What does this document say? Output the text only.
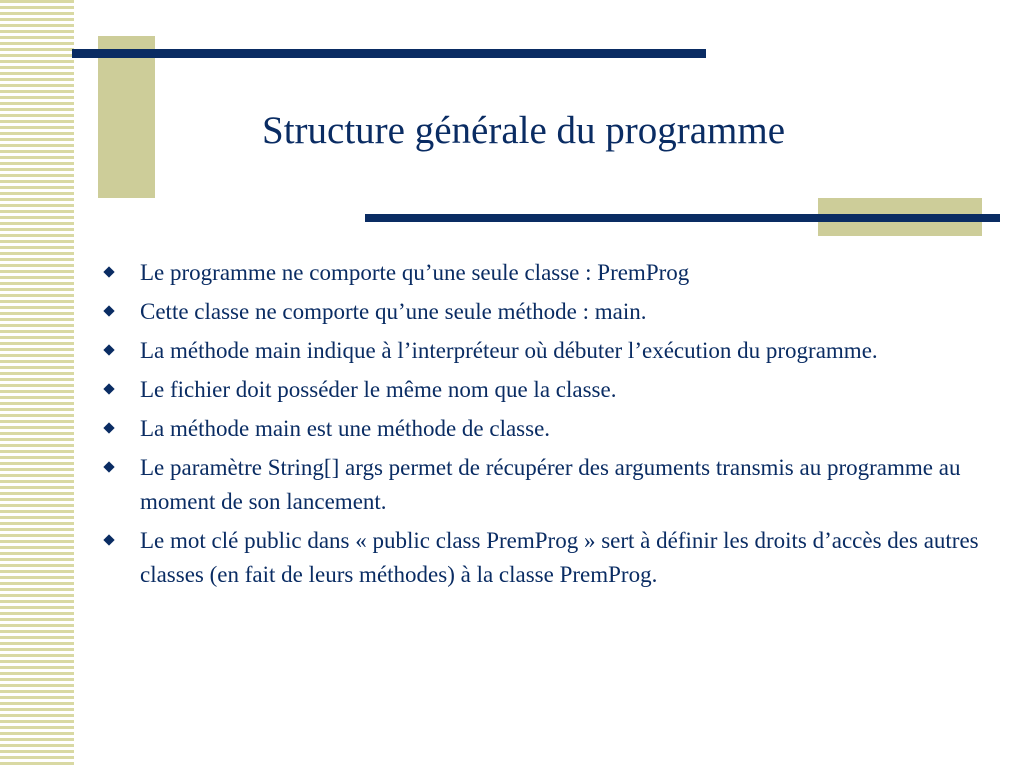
Structure générale du programme
Le programme ne comporte qu’une seule classe : PremProg
Cette classe ne comporte qu’une seule méthode : main.
La méthode main indique à l’interpréteur où débuter l’exécution du programme.
Le fichier doit posséder le même nom que la classe.
La méthode main est une méthode de classe.
Le paramètre String[] args permet de récupérer des arguments transmis au programme au moment de son lancement.
Le mot clé public dans « public class PremProg » sert à définir les droits d’accès des autres classes (en fait de leurs méthodes) à la classe PremProg.
